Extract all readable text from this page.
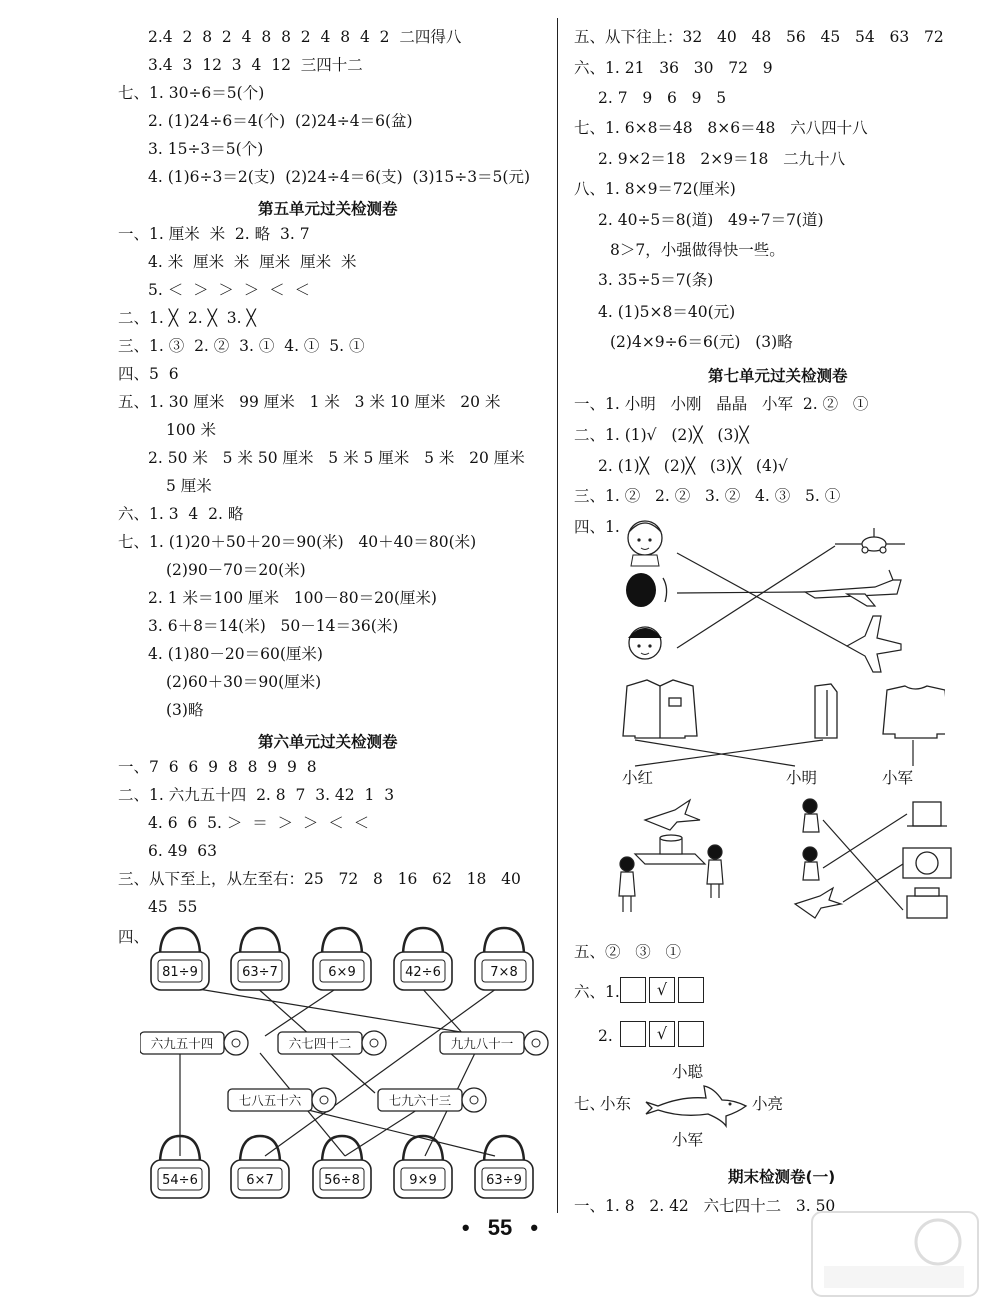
2.4  2  8  2  4  8  8  2  4  8  4  2  二四得八
3.4  3  12  3  4  12  三四十二
七、1. 30÷6＝5(个)
2. (1)24÷6＝4(个)  (2)24÷4＝6(盆)
3. 15÷3＝5(个)
4. (1)6÷3＝2(支)  (2)24÷4＝6(支)  (3)15÷3＝5(元)
第五单元过关检测卷
一、1. 厘米  米  2. 略  3. 7
4. 米  厘米  米  厘米  厘米  米
5. ＜  ＞  ＞  ＞  ＜  ＜
二、1. ╳  2. ╳  3. ╳
三、1. ③  2. ②  3. ①  4. ①  5. ①
四、5  6
五、1. 30 厘米   99 厘米   1 米   3 米 10 厘米   20 米
100 米
2. 50 米   5 米 50 厘米   5 米 5 厘米   5 米   20 厘米
5 厘米
六、1. 3  4  2. 略
七、1. (1)20＋50＋20＝90(米)   40＋40＝80(米)
(2)90－70＝20(米)
2. 1 米＝100 厘米   100－80＝20(厘米)
3. 6＋8＝14(米)   50－14＝36(米)
4. (1)80－20＝60(厘米)
(2)60＋30＝90(厘米)
(3)略
第六单元过关检测卷
一、7  6  6  9  8  8  9  9  8
二、1. 六九五十四  2. 8  7  3. 42  1  3
4. 6  6  5. ＞  ＝  ＞  ＞  ＜  ＜
6. 49  63
三、从下至上，从左至右：25   72   8   16   62   18   40
45  55
四、
81÷9	63÷7	6×9	42÷6	7×8
六九五十四	六七四十二	九九八十一
七八五十六	七九六十三
54÷6	6×7	56÷8	9×9	63÷9
五、从下往上：32   40   48   56   45   54   63   72
六、1. 21   36   30   72   9
2. 7   9   6   9   5
七、1. 6×8＝48   8×6＝48   六八四十八
2. 9×2＝18   2×9＝18   二九十八
八、1. 8×9＝72(厘米)
2. 40÷5＝8(道)   49÷7＝7(道)
8＞7，小强做得快一些。
3. 35÷5＝7(条)
4. (1)5×8＝40(元)
(2)4×9÷6＝6(元)   (3)略
第七单元过关检测卷
一、1. 小明   小刚   晶晶   小军  2. ②   ①
二、1. (1)√   (2)╳   (3)╳
2. (1)╳   (2)╳   (3)╳   (4)√
三、1. ②   2. ②   3. ②   4. ③   5. ①
四、1.
小红	小明	小军
五、②   ③   ①
六、1.	√
2.	√
七、
小聪
小东	小亮
小军
期末检测卷(一)
一、1. 8   2. 42   六七四十二   3. 50
• 55 •
